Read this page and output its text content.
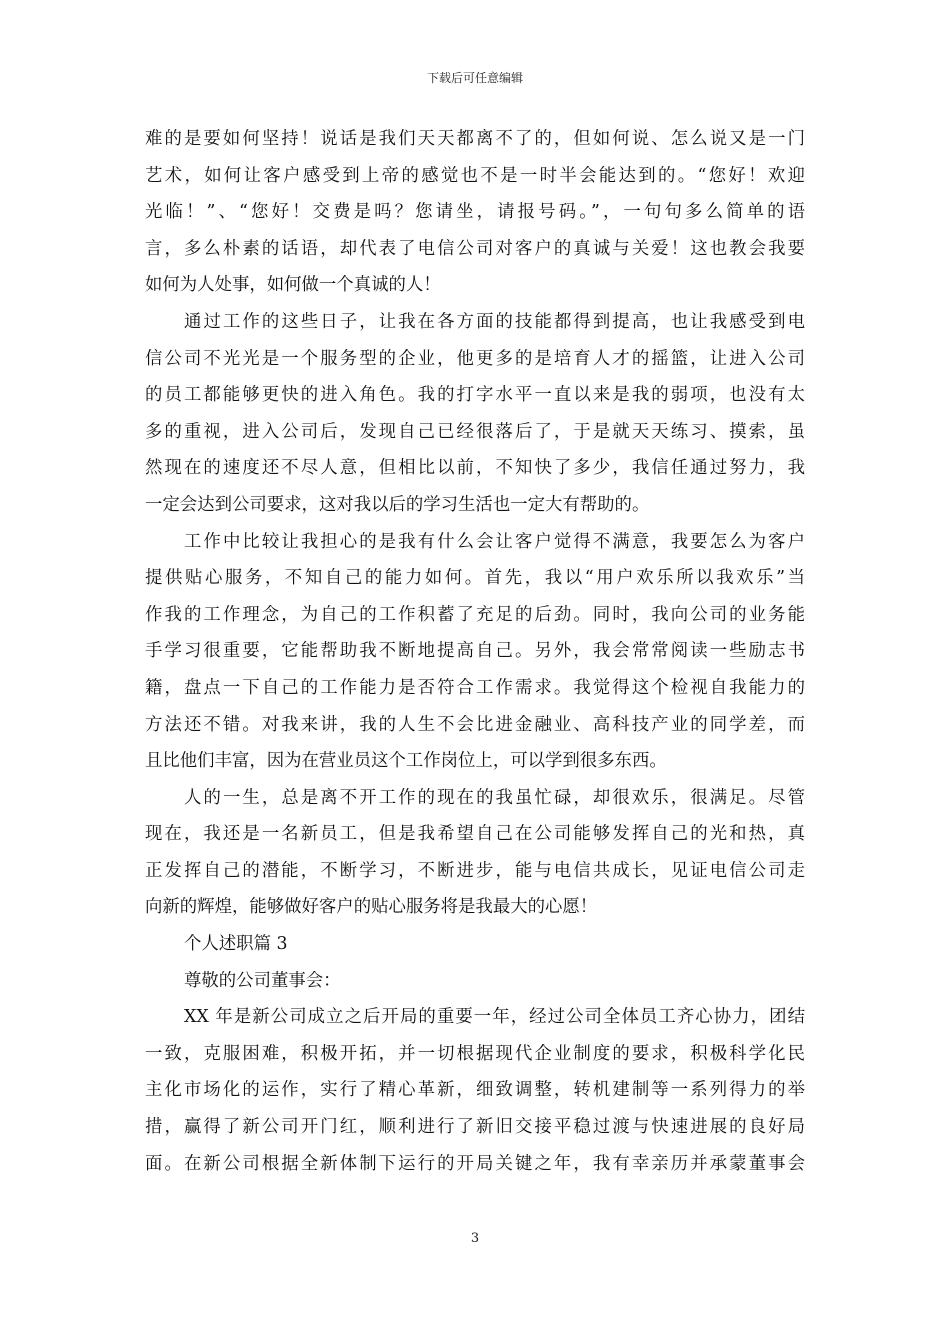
下载后可任意编辑
难的是要如何坚持！说话是我们天天都离不了的，但如何说、怎么说又是一门
艺术，如何让客户感受到上帝的感觉也不是一时半会能达到的。“您好！欢迎
光临！”、“您好！交费是吗？您请坐，请报号码。”，一句句多么简单的语
言，多么朴素的话语，却代表了电信公司对客户的真诚与关爱！这也教会我要
如何为人处事，如何做一个真诚的人！
通过工作的这些日子，让我在各方面的技能都得到提高，也让我感受到电
信公司不光光是一个服务型的企业，他更多的是培育人才的摇篮，让进入公司
的员工都能够更快的进入角色。我的打字水平一直以来是我的弱项，也没有太
多的重视，进入公司后，发现自己已经很落后了，于是就天天练习、摸索，虽
然现在的速度还不尽人意，但相比以前，不知快了多少，我信任通过努力，我
一定会达到公司要求，这对我以后的学习生活也一定大有帮助的。
工作中比较让我担心的是我有什么会让客户觉得不满意，我要怎么为客户
提供贴心服务，不知自己的能力如何。首先，我以“用户欢乐所以我欢乐”当
作我的工作理念，为自己的工作积蓄了充足的后劲。同时，我向公司的业务能
手学习很重要，它能帮助我不断地提高自己。另外，我会常常阅读一些励志书
籍，盘点一下自己的工作能力是否符合工作需求。我觉得这个检视自我能力的
方法还不错。对我来讲，我的人生不会比进金融业、高科技产业的同学差，而
且比他们丰富，因为在营业员这个工作岗位上，可以学到很多东西。
人的一生，总是离不开工作的现在的我虽忙碌，却很欢乐，很满足。尽管
现在，我还是一名新员工，但是我希望自己在公司能够发挥自己的光和热，真
正发挥自己的潜能，不断学习，不断进步，能与电信共成长，见证电信公司走
向新的辉煌，能够做好客户的贴心服务将是我最大的心愿！
个人述职篇 3
尊敬的公司董事会：
XX 年是新公司成立之后开局的重要一年，经过公司全体员工齐心协力，团结
一致，克服困难，积极开拓，并一切根据现代企业制度的要求，积极科学化民
主化市场化的运作，实行了精心革新，细致调整，转机建制等一系列得力的举
措，赢得了新公司开门红，顺利进行了新旧交接平稳过渡与快速进展的良好局
面。在新公司根据全新体制下运行的开局关键之年，我有幸亲历并承蒙董事会
3
